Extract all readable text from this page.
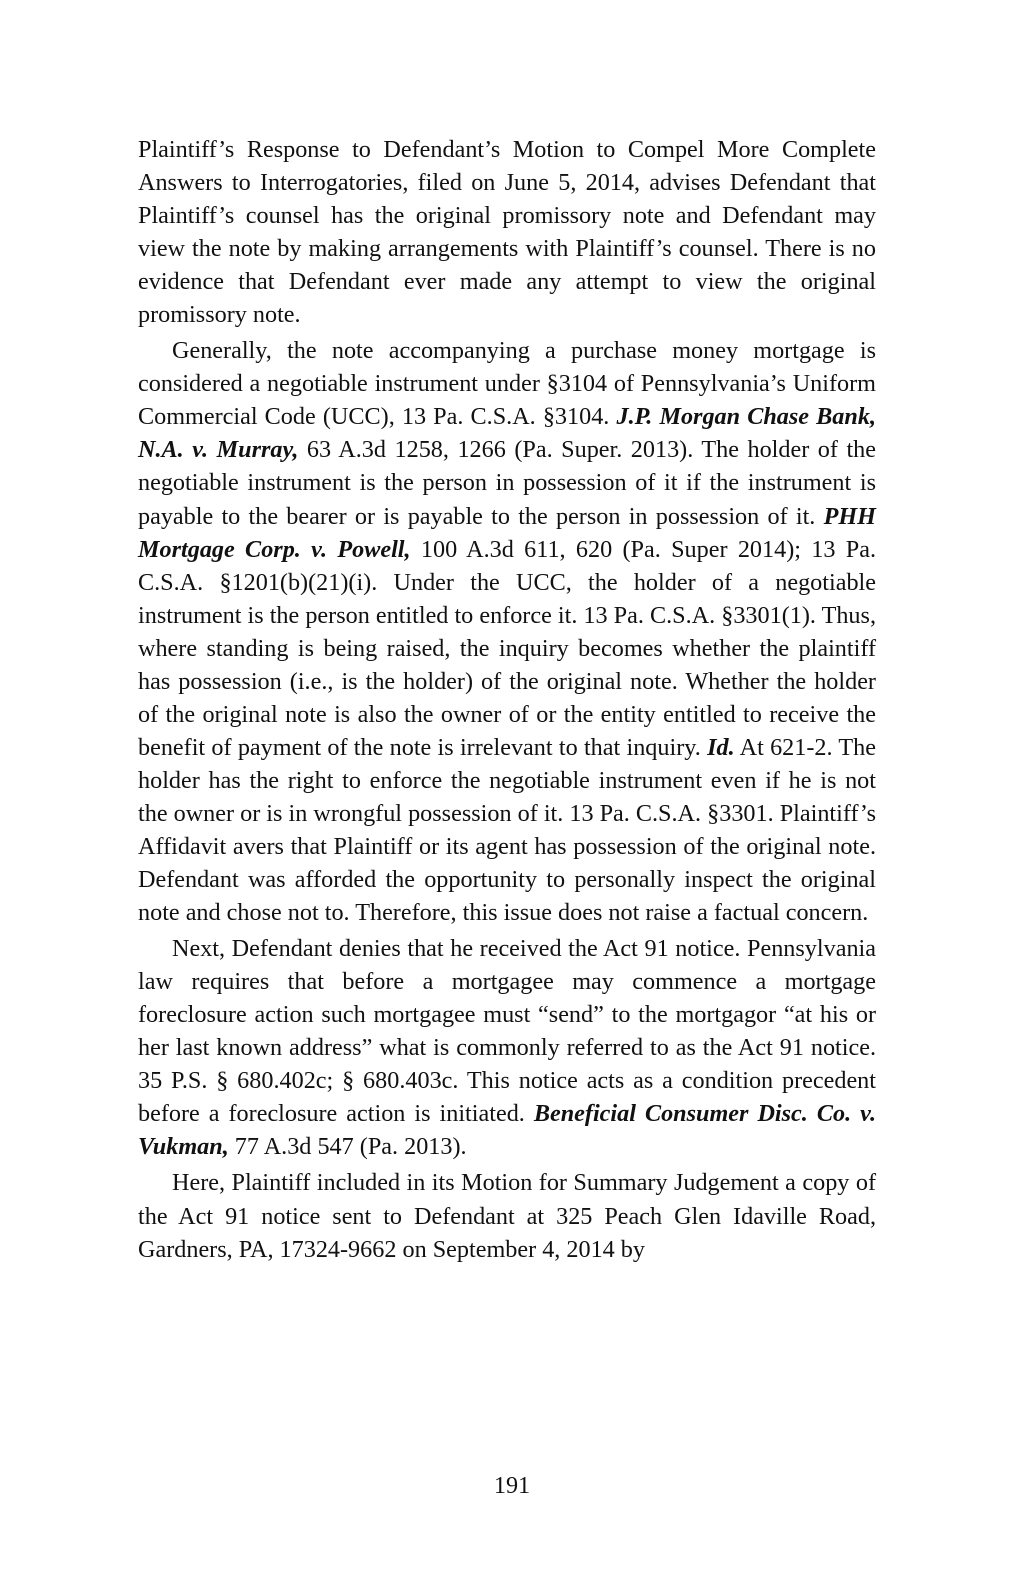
Plaintiff’s Response to Defendant’s Motion to Compel More Complete Answers to Interrogatories, filed on June 5, 2014, advises Defendant that Plaintiff’s counsel has the original promissory note and Defendant may view the note by making arrangements with Plaintiff’s counsel. There is no evidence that Defendant ever made any attempt to view the original promissory note.

Generally, the note accompanying a purchase money mortgage is considered a negotiable instrument under §3104 of Pennsylvania’s Uniform Commercial Code (UCC), 13 Pa. C.S.A. §3104. J.P. Morgan Chase Bank, N.A. v. Murray, 63 A.3d 1258, 1266 (Pa. Super. 2013). The holder of the negotiable instrument is the person in possession of it if the instrument is payable to the bearer or is payable to the person in possession of it. PHH Mortgage Corp. v. Powell, 100 A.3d 611, 620 (Pa. Super 2014); 13 Pa. C.S.A. §1201(b)(21)(i). Under the UCC, the holder of a negotiable instrument is the person entitled to enforce it. 13 Pa. C.S.A. §3301(1). Thus, where standing is being raised, the inquiry becomes whether the plaintiff has possession (i.e., is the holder) of the original note. Whether the holder of the original note is also the owner of or the entity entitled to receive the benefit of payment of the note is irrelevant to that inquiry. Id. At 621-2. The holder has the right to enforce the negotiable instrument even if he is not the owner or is in wrongful possession of it. 13 Pa. C.S.A. §3301. Plaintiff’s Affidavit avers that Plaintiff or its agent has possession of the original note. Defendant was afforded the opportunity to personally inspect the original note and chose not to. Therefore, this issue does not raise a factual concern.

Next, Defendant denies that he received the Act 91 notice. Pennsylvania law requires that before a mortgagee may commence a mortgage foreclosure action such mortgagee must “send” to the mortgagor “at his or her last known address” what is commonly referred to as the Act 91 notice. 35 P.S. § 680.402c; § 680.403c. This notice acts as a condition precedent before a foreclosure action is initiated. Beneficial Consumer Disc. Co. v. Vukman, 77 A.3d 547 (Pa. 2013).

Here, Plaintiff included in its Motion for Summary Judgement a copy of the Act 91 notice sent to Defendant at 325 Peach Glen Idaville Road, Gardners, PA, 17324-9662 on September 4, 2014 by

191
